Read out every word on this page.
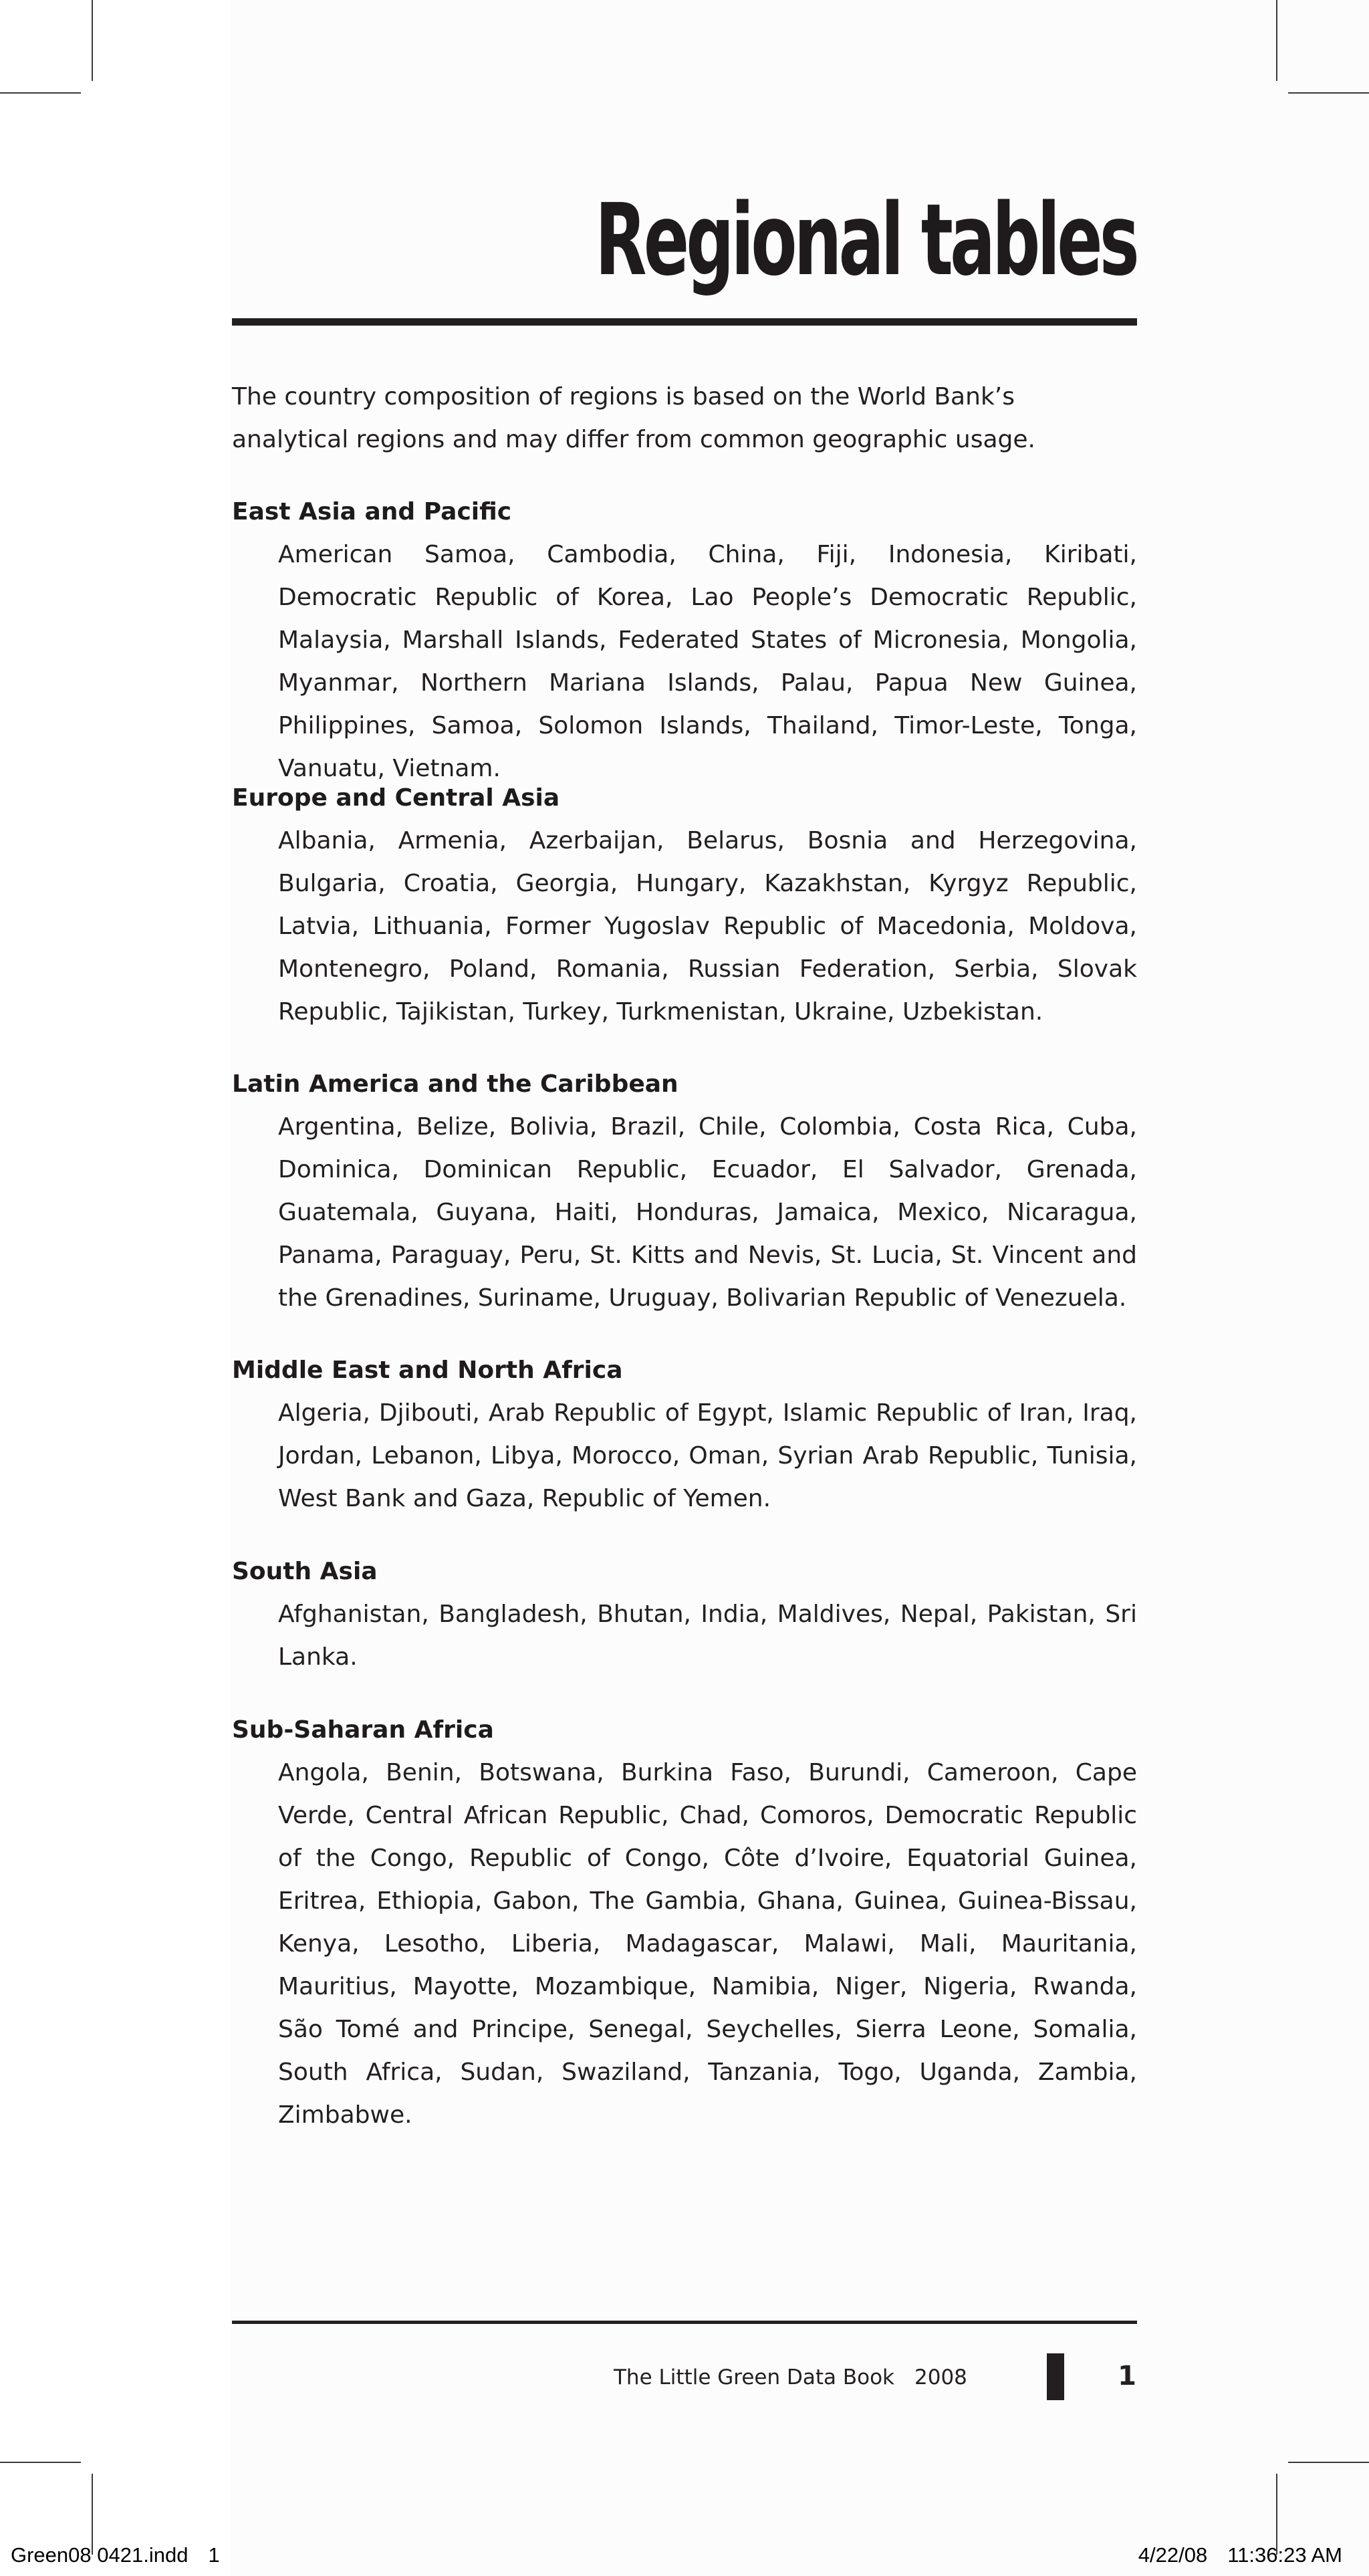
Regional tables

The country composition of regions is based on the World Bank’s analytical regions and may differ from common geographic usage.

East Asia and Pacific

American Samoa, Cambodia, China, Fiji, Indonesia, Kiribati, Democratic Republic of Korea, Lao People’s Democratic Republic, Malaysia, Marshall Islands, Federated States of Micronesia, Mongolia, Myanmar, Northern Mariana Islands, Palau, Papua New Guinea, Philippines, Samoa, Solomon Islands, Thailand, Timor-Leste, Tonga, Vanuatu, Vietnam.

Europe and Central Asia

Albania, Armenia, Azerbaijan, Belarus, Bosnia and Herzegovina, Bulgaria, Croatia, Georgia, Hungary, Kazakhstan, Kyrgyz Republic, Latvia, Lithuania, Former Yugoslav Republic of Macedonia, Moldova, Montenegro, Poland, Romania, Russian Federation, Serbia, Slovak Republic, Tajikistan, Turkey, Turkmenistan, Ukraine, Uzbekistan.

Latin America and the Caribbean

Argentina, Belize, Bolivia, Brazil, Chile, Colombia, Costa Rica, Cuba, Dominica, Dominican Republic, Ecuador, El Salvador, Grenada, Guatemala, Guyana, Haiti, Honduras, Jamaica, Mexico, Nicaragua, Panama, Paraguay, Peru, St. Kitts and Nevis, St. Lucia, St. Vincent and the Grenadines, Suriname, Uruguay, Bolivarian Republic of Venezuela.

Middle East and North Africa

Algeria, Djibouti, Arab Republic of Egypt, Islamic Republic of Iran, Iraq, Jordan, Lebanon, Libya, Morocco, Oman, Syrian Arab Republic, Tunisia, West Bank and Gaza, Republic of Yemen.

South Asia

Afghanistan, Bangladesh, Bhutan, India, Maldives, Nepal, Pakistan, Sri Lanka.

Sub-Saharan Africa

Angola, Benin, Botswana, Burkina Faso, Burundi, Cameroon, Cape Verde, Central African Republic, Chad, Comoros, Democratic Republic of the Congo, Republic of Congo, Côte d’Ivoire, Equatorial Guinea, Eritrea, Ethiopia, Gabon, The Gambia, Ghana, Guinea, Guinea-Bissau, Kenya, Lesotho, Liberia, Madagascar, Malawi, Mali, Mauritania, Mauritius, Mayotte, Mozambique, Namibia, Niger, Nigeria, Rwanda, São Tomé and Principe, Senegal, Seychelles, Sierra Leone, Somalia, South Africa, Sudan, Swaziland, Tanzania, Togo, Uganda, Zambia, Zimbabwe.

The Little Green Data Book 2008	1
Green08 0421.indd 1	4/22/08 11:36:23 AM
